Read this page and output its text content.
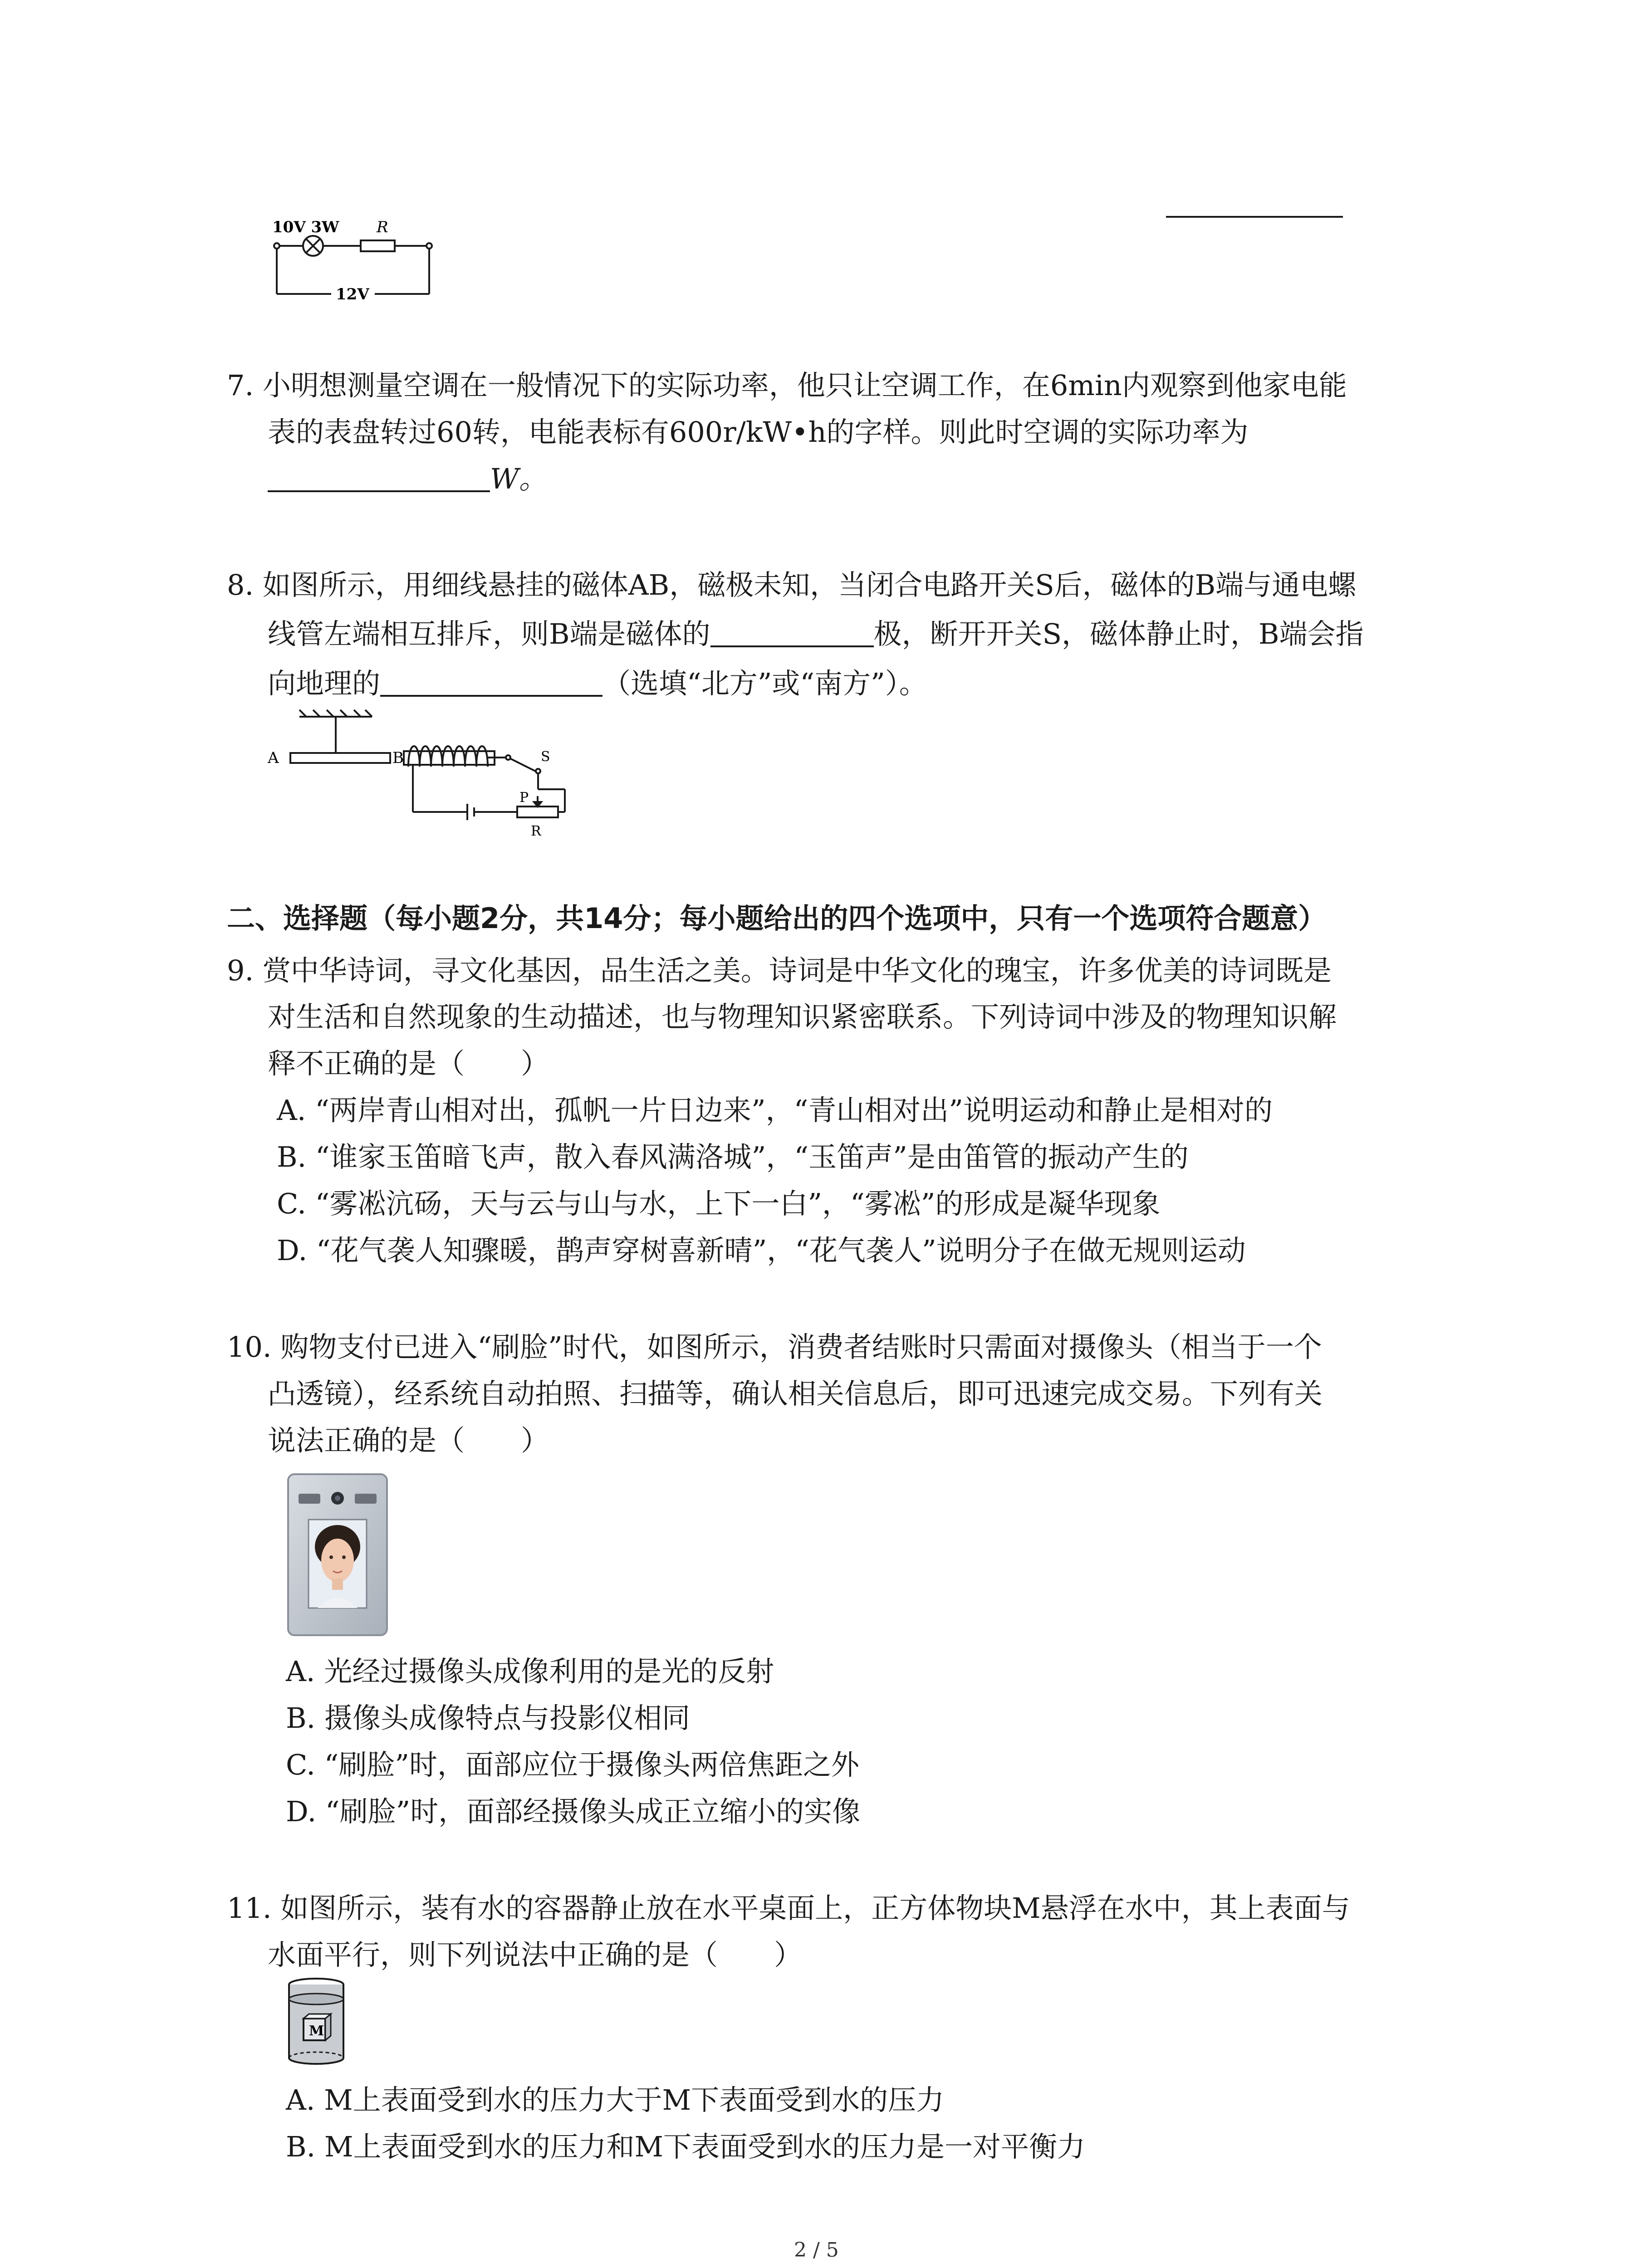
10V 3W R
12V
7. 小明想测量空调在一般情况下的实际功率，他只让空调工作，在6min内观察到他家电能
表的表盘转过60转，电能表标有600r/kW•h的字样。则此时空调的实际功率为
W。
8. 如图所示，用细线悬挂的磁体AB，磁极未知，当闭合电路开关S后，磁体的B端与通电螺
线管左端相互排斥，则B端是磁体的	极，断开开关S，磁体静止时，B端会指
向地理的	（选填“北方”或“南方”）。
A	B	S
P
R
二、选择题（每小题2分，共14分；每小题给出的四个选项中，只有一个选项符合题意）
9. 赏中华诗词，寻文化基因，品生活之美。诗词是中华文化的瑰宝，许多优美的诗词既是
对生活和自然现象的生动描述，也与物理知识紧密联系。下列诗词中涉及的物理知识解
释不正确的是（　　）
A. “两岸青山相对出，孤帆一片日边来”，“青山相对出”说明运动和静止是相对的
B. “谁家玉笛暗飞声，散入春风满洛城”，“玉笛声”是由笛管的振动产生的
C. “雾凇沆砀，天与云与山与水，上下一白”，“雾凇”的形成是凝华现象
D. “花气袭人知骤暖，鹊声穿树喜新晴”，“花气袭人”说明分子在做无规则运动
10. 购物支付已进入“刷脸”时代，如图所示，消费者结账时只需面对摄像头（相当于一个
凸透镜），经系统自动拍照、扫描等，确认相关信息后，即可迅速完成交易。下列有关
说法正确的是（　　）
A. 光经过摄像头成像利用的是光的反射
B. 摄像头成像特点与投影仪相同
C. “刷脸”时，面部应位于摄像头两倍焦距之外
D. “刷脸”时，面部经摄像头成正立缩小的实像
11. 如图所示，装有水的容器静止放在水平桌面上，正方体物块M悬浮在水中，其上表面与
水面平行，则下列说法中正确的是（　　）
M
A. M上表面受到水的压力大于M下表面受到水的压力
B. M上表面受到水的压力和M下表面受到水的压力是一对平衡力
2 / 5
